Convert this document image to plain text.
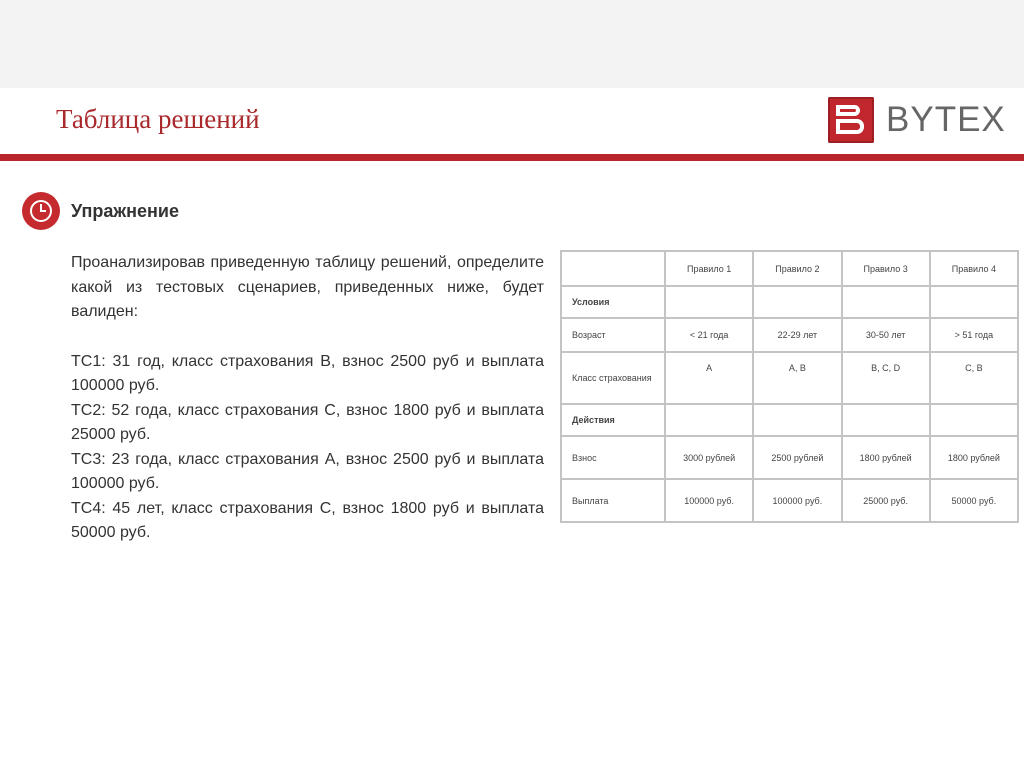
Таблица решений	BYTEX
Упражнение

Проанализировав приведенную таблицу решений, определите какой из тестовых сценариев, приведенных ниже, будет валиден:

TC1: 31 год, класс страхования B, взнос 2500 руб и выплата 100000 руб.

TC2: 52 года, класс страхования C, взнос 1800 руб и выплата 25000 руб.

TC3: 23 года, класс страхования A, взнос 2500 руб и выплата 100000 руб.

TC4: 45 лет, класс страхования C, взнос 1800 руб и выплата 50000 руб.

	Правило 1	Правило 2	Правило 3	Правило 4
Условия				
Возраст	< 21 года	22-29 лет	30-50 лет	> 51 года
Класс страхования	A	A, B	B, C, D	C, B
Действия				
Взнос	3000 рублей	2500 рублей	1800 рублей	1800 рублей
Выплата	100000 руб.	100000 руб.	25000 руб.	50000 руб.
